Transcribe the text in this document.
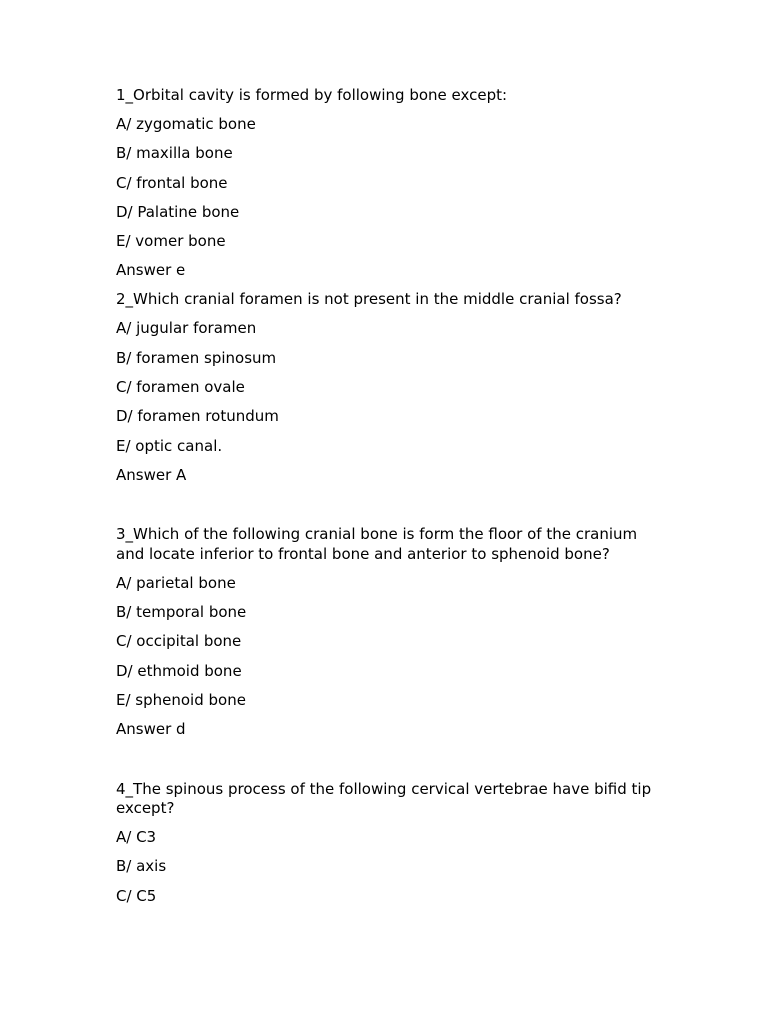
1_Orbital cavity is formed by following bone except:
A/ zygomatic bone
B/ maxilla bone
C/ frontal bone
D/ Palatine bone
E/ vomer bone
Answer e
2_Which cranial foramen is not present in the middle cranial fossa?
A/ jugular foramen
B/ foramen spinosum
C/ foramen ovale
D/ foramen rotundum
E/ optic canal.
Answer A
3_Which of the following cranial bone is form the floor of the cranium and locate inferior to frontal bone and anterior to sphenoid bone?
A/ parietal bone
B/ temporal bone
C/ occipital bone
D/ ethmoid bone
E/ sphenoid bone
Answer d
4_The spinous process of the following cervical vertebrae have bifid tip except?
A/ C3
B/ axis
C/ C5
